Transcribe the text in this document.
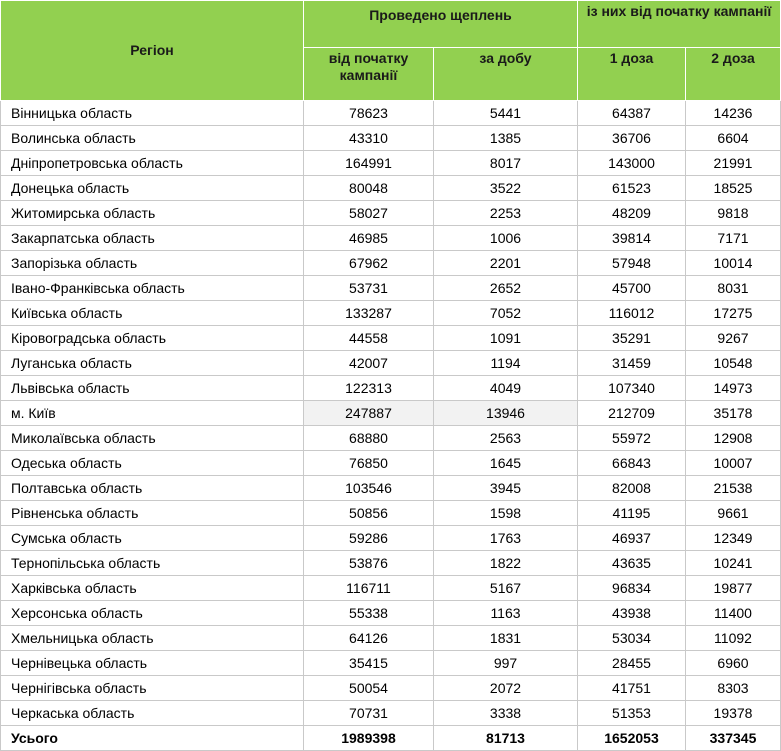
Регіон	Проведено щеплень		із них від початку кампанії	
	від початку кампанії	за добу	1 доза	2 доза
Вінницька область	78623	5441	64387	14236
Волинська область	43310	1385	36706	6604
Дніпропетровська область	164991	8017	143000	21991
Донецька область	80048	3522	61523	18525
Житомирська область	58027	2253	48209	9818
Закарпатська область	46985	1006	39814	7171
Запорізька область	67962	2201	57948	10014
Івано-Франківська область	53731	2652	45700	8031
Київська область	133287	7052	116012	17275
Кіровоградська область	44558	1091	35291	9267
Луганська область	42007	1194	31459	10548
Львівська область	122313	4049	107340	14973
м. Київ	247887	13946	212709	35178
Миколаївська область	68880	2563	55972	12908
Одеська область	76850	1645	66843	10007
Полтавська область	103546	3945	82008	21538
Рівненська область	50856	1598	41195	9661
Сумська область	59286	1763	46937	12349
Тернопільська область	53876	1822	43635	10241
Харківська область	116711	5167	96834	19877
Херсонська область	55338	1163	43938	11400
Хмельницька область	64126	1831	53034	11092
Чернівецька область	35415	997	28455	6960
Чернігівська область	50054	2072	41751	8303
Черкаська область	70731	3338	51353	19378
Усього	1989398	81713	1652053	337345
